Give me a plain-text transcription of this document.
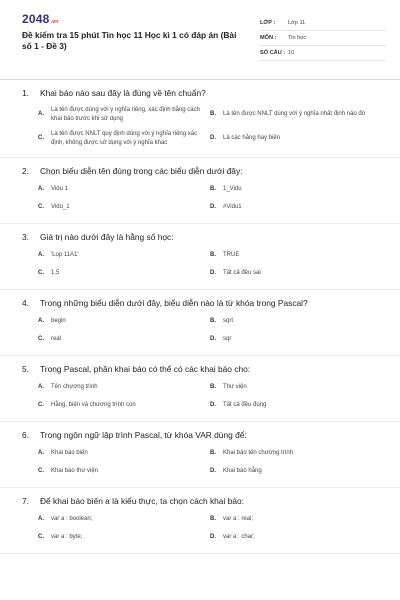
2048 .vn
Đề kiểm tra 15 phút Tin học 11 Học kì 1 có đáp án (Bài số 1 - Đề 3)
LỚP :	Lớp 11
MÔN :	Tin học
SỐ CÂU : 10
1.	Khai báo nào sau đây là đúng về tên chuẩn?
A.
Là tên được dùng với ý nghĩa riêng, xác định bằng cách khai báo trước khi sử dụng
B.	Là tên được NNLT dùng với ý nghĩa nhất định nào đó
C.
Là tên được NNLT quy định dùng với ý nghĩa riêng xác định, không được sử dụng với ý nghĩa khác
D.	Là các hằng hay biến
2.	Chọn biểu diễn tên đúng trong các biểu diễn dưới đây:
A.	Vidu 1	B.	1_Vidu
C.	Vidu_1	D.	#Vidu1
3.	Giá trị nào dưới đây là hằng số học:
A.	'Lop 11A1'	B.	TRUE
C.	1.5	D.	Tất cả đều sai
4.	Trong những biểu diễn dưới đây, biểu diễn nào là từ khóa trong Pascal?
A.	begin	B.	sqrt
C.	real	D.	sqr
5.	Trong Pascal, phần khai báo có thể có các khai báo cho:
A.	Tên chương trình	B.	Thư viện
C.	Hằng, biến và chương trình con	D.	Tất cả đều đúng
6.	Trong ngôn ngữ lập trình Pascal, từ khóa VAR dùng để:
A.	Khai báo biến	B.	Khai báo tên chương trình
C.	Khai báo thư viện	D.	Khai báo hằng
7.	Để khai báo biến a là kiểu thực, ta chọn cách khai báo:
A.	var a : boolean;	B.	var a : real;
C.	var a : byte;	D.	var a : char;
